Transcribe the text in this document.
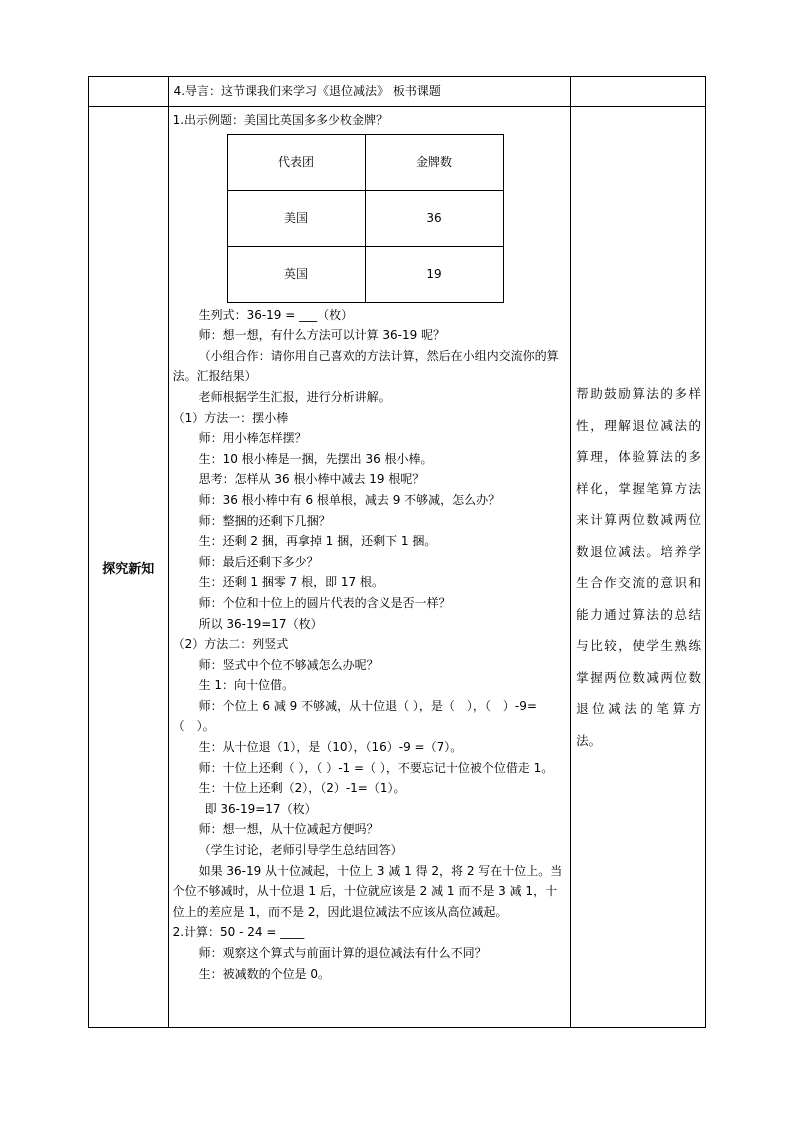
	4.导言：这节课我们来学习《退位减法》 板书课题	
探究新知	

1.出示例题：美国比英国多多少枚金牌？

代表团	金牌数
美国	36
英国	19

生列式：36-19 = ___（枚）

师：想一想，有什么方法可以计算 36-19 呢？

（小组合作：请你用自己喜欢的方法计算，然后在小组内交流你的算法。汇报结果）

老师根据学生汇报，进行分析讲解。

（1）方法一：摆小棒

师：用小棒怎样摆？

生：10 根小棒是一捆，先摆出 36 根小棒。

思考：怎样从 36 根小棒中减去 19 根呢？

师：36 根小棒中有 6 根单根，减去 9 不够减，怎么办？

师：整捆的还剩下几捆？

生：还剩 2 捆，再拿掉 1 捆，还剩下 1 捆。

师：最后还剩下多少？

生：还剩 1 捆零 7 根，即 17 根。

师：个位和十位上的圆片代表的含义是否一样？

所以 36-19=17（枚）

（2）方法二：列竖式

师：竖式中个位不够减怎么办呢？

生 1：向十位借。

师：个位上 6 减 9 不够减，从十位退（ ），是（　），（　）-9=（　）。

生：从十位退（1），是（10），（16）-9 =（7）。

师：十位上还剩（ ），（ ）-1 =（ ），不要忘记十位被个位借走 1。

生：十位上还剩（2），（2）-1=（1）。

即 36-19=17（枚）

师：想一想，从十位减起方便吗？

（学生讨论，老师引导学生总结回答）

如果 36-19 从十位减起，十位上 3 减 1 得 2，将 2 写在十位上。当个位不够减时，从十位退 1 后，十位就应该是 2 减 1 而不是 3 减 1，十位上的差应是 1，而不是 2，因此退位减法不应该从高位减起。

2.计算：50 - 24 = ____

师：观察这个算式与前面计算的退位减法有什么不同？

生：被减数的个位是 0。

帮助鼓励算法的多样性，理解退位减法的算理，体验算法的多样化，掌握笔算方法来计算两位数减两位数退位减法。培养学生合作交流的意识和能力通过算法的总结与比较，使学生熟练掌握两位数减两位数退位减法的笔算方法。
